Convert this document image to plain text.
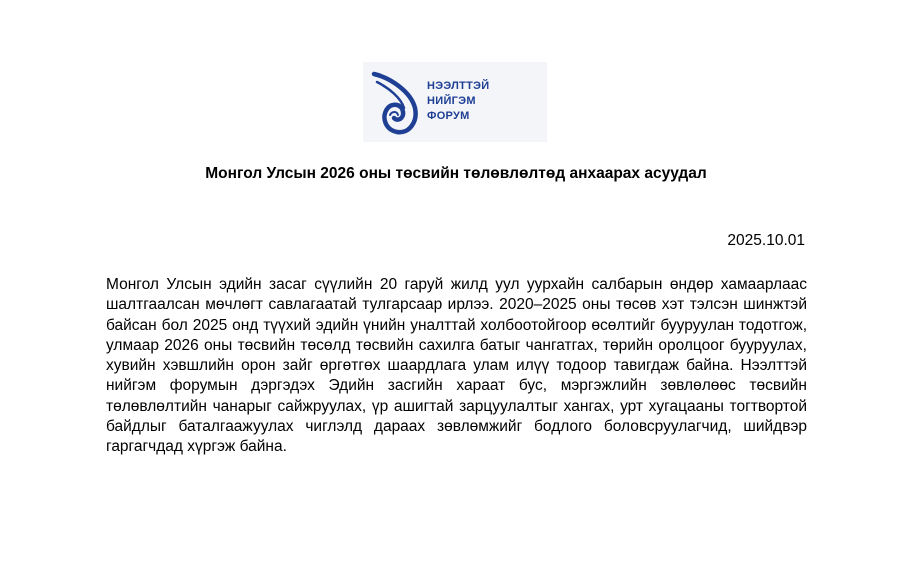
НЭЭЛТТЭЙ
НИЙГЭМ
ФОРУМ
Монгол Улсын 2026 оны төсвийн төлөвлөлтөд анхаарах асуудал
2025.10.01

Монгол Улсын эдийн засаг сүүлийн 20 гаруй жилд уул уурхайн салбарын өндөр хамаарлаас шалтгаалсан мөчлөгт савлагаатай тулгарсаар ирлээ. 2020–2025 оны төсөв хэт тэлсэн шинжтэй байсан бол 2025 онд түүхий эдийн үнийн уналттай холбоотойгоор өсөлтийг бууруулан тодотгож, улмаар 2026 оны төсвийн төсөлд төсвийн сахилга батыг чангатгах, төрийн оролцоог бууруулах, хувийн хэвшлийн орон зайг өргөтгөх шаардлага улам илүү тодоор тавигдаж байна. Нээлттэй нийгэм форумын дэргэдэх Эдийн засгийн хараат бус, мэргэжлийн зөвлөлөөс төсвийн төлөвлөлтийн чанарыг сайжруулах, үр ашигтай зарцуулалтыг хангах, урт хугацааны тогтвортой байдлыг баталгаажуулах чиглэлд дараах зөвлөмжийг бодлого боловсруулагчид, шийдвэр гаргагчдад хүргэж байна.
